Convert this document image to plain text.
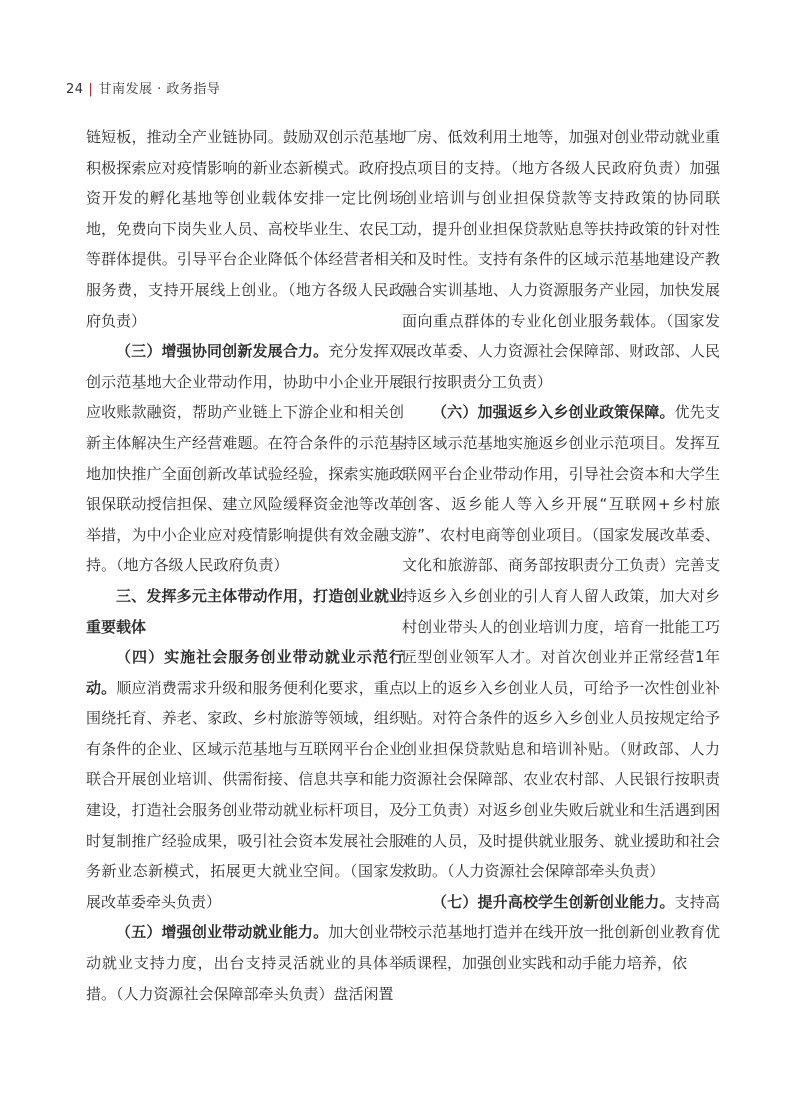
24 | 甘南发展 · 政务指导

链短板，推动全产业链协同。鼓励双创示范基地积极探索应对疫情影响的新业态新模式。政府投资开发的孵化基地等创业载体安排一定比例场地，免费向下岗失业人员、高校毕业生、农民工等群体提供。引导平台企业降低个体经营者相关服务费，支持开展线上创业。（地方各级人民政府负责）

（三）增强协同创新发展合力。充分发挥双创示范基地大企业带动作用，协助中小企业开展应收账款融资，帮助产业链上下游企业和相关创新主体解决生产经营难题。在符合条件的示范基地加快推广全面创新改革试验经验，探索实施政银保联动授信担保、建立风险缓释资金池等改革举措，为中小企业应对疫情影响提供有效金融支持。（地方各级人民政府负责）

三、发挥多元主体带动作用，打造创业就业重要载体

（四）实施社会服务创业带动就业示范行动。顺应消费需求升级和服务便利化要求，重点围绕托育、养老、家政、乡村旅游等领域，组织有条件的企业、区域示范基地与互联网平台企业联合开展创业培训、供需衔接、信息共享和能力建设，打造社会服务创业带动就业标杆项目，及时复制推广经验成果，吸引社会资本发展社会服务新业态新模式，拓展更大就业空间。（国家发展改革委牵头负责）

（五）增强创业带动就业能力。加大创业带动就业支持力度，出台支持灵活就业的具体举措。（人力资源社会保障部牵头负责）盘活闲置

厂房、低效利用土地等，加强对创业带动就业重点项目的支持。（地方各级人民政府负责）加强创业培训与创业担保贷款等支持政策的协同联动，提升创业担保贷款贴息等扶持政策的针对性和及时性。支持有条件的区域示范基地建设产教融合实训基地、人力资源服务产业园，加快发展面向重点群体的专业化创业服务载体。（国家发展改革委、人力资源社会保障部、财政部、人民银行按职责分工负责）

（六）加强返乡入乡创业政策保障。优先支持区域示范基地实施返乡创业示范项目。发挥互联网平台企业带动作用，引导社会资本和大学生创客、返乡能人等入乡开展“互联网+乡村旅游”、农村电商等创业项目。（国家发展改革委、文化和旅游部、商务部按职责分工负责）完善支持返乡入乡创业的引人育人留人政策，加大对乡村创业带头人的创业培训力度，培育一批能工巧匠型创业领军人才。对首次创业并正常经营1年以上的返乡入乡创业人员，可给予一次性创业补贴。对符合条件的返乡入乡创业人员按规定给予创业担保贷款贴息和培训补贴。（财政部、人力资源社会保障部、农业农村部、人民银行按职责分工负责）对返乡创业失败后就业和生活遇到困难的人员，及时提供就业服务、就业援助和社会救助。（人力资源社会保障部牵头负责）

（七）提升高校学生创新创业能力。支持高校示范基地打造并在线开放一批创新创业教育优质课程，加强创业实践和动手能力培养，依
